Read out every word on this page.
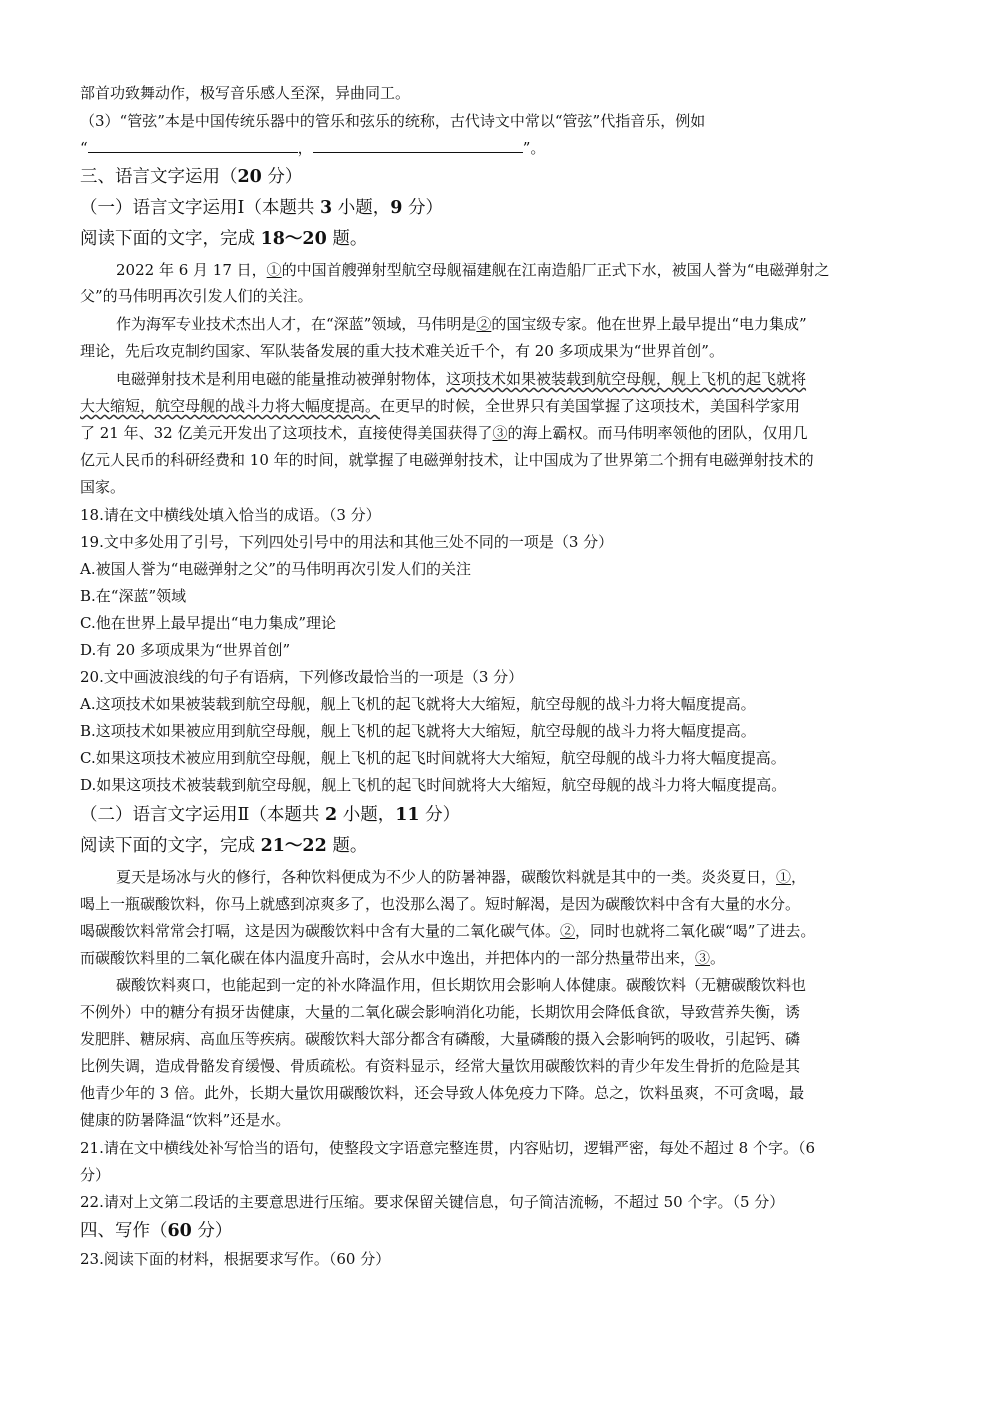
部首功致舞动作，极写音乐感人至深，异曲同工。
（3）“管弦”本是中国传统乐器中的管乐和弦乐的统称，古代诗文中常以“管弦”代指音乐，例如
“	，	”。
三、语言文字运用（20 分）
（一）语言文字运用Ⅰ（本题共 3 小题，9 分）
阅读下面的文字，完成 18～20 题。
2022 年 6 月 17 日，①的中国首艘弹射型航空母舰福建舰在江南造船厂正式下水，被国人誉为“电磁弹射之
父”的马伟明再次引发人们的关注。
作为海军专业技术杰出人才，在“深蓝”领域，马伟明是②的国宝级专家。他在世界上最早提出“电力集成”
理论，先后攻克制约国家、军队装备发展的重大技术难关近千个，有 20 多项成果为“世界首创”。
电磁弹射技术是利用电磁的能量推动被弹射物体，这项技术如果被装载到航空母舰，舰上飞机的起飞就将
大大缩短，航空母舰的战斗力将大幅度提高。在更早的时候，全世界只有美国掌握了这项技术，美国科学家用
了 21 年、32 亿美元开发出了这项技术，直接使得美国获得了③的海上霸权。而马伟明率领他的团队，仅用几
亿元人民币的科研经费和 10 年的时间，就掌握了电磁弹射技术，让中国成为了世界第二个拥有电磁弹射技术的
国家。
18.请在文中横线处填入恰当的成语。（3 分）
19.文中多处用了引号，下列四处引号中的用法和其他三处不同的一项是（3 分）
A.被国人誉为“电磁弹射之父”的马伟明再次引发人们的关注
B.在“深蓝”领域
C.他在世界上最早提出“电力集成”理论
D.有 20 多项成果为“世界首创”
20.文中画波浪线的句子有语病，下列修改最恰当的一项是（3 分）
A.这项技术如果被装载到航空母舰，舰上飞机的起飞就将大大缩短，航空母舰的战斗力将大幅度提高。
B.这项技术如果被应用到航空母舰，舰上飞机的起飞就将大大缩短，航空母舰的战斗力将大幅度提高。
C.如果这项技术被应用到航空母舰，舰上飞机的起飞时间就将大大缩短，航空母舰的战斗力将大幅度提高。
D.如果这项技术被装载到航空母舰，舰上飞机的起飞时间就将大大缩短，航空母舰的战斗力将大幅度提高。
（二）语言文字运用Ⅱ（本题共 2 小题，11 分）
阅读下面的文字，完成 21～22 题。
夏天是场冰与火的修行，各种饮料便成为不少人的防暑神器，碳酸饮料就是其中的一类。炎炎夏日，①，
喝上一瓶碳酸饮料，你马上就感到凉爽多了，也没那么渴了。短时解渴，是因为碳酸饮料中含有大量的水分。
喝碳酸饮料常常会打嗝，这是因为碳酸饮料中含有大量的二氧化碳气体。②，同时也就将二氧化碳“喝”了进去。
而碳酸饮料里的二氧化碳在体内温度升高时，会从水中逸出，并把体内的一部分热量带出来，③。
碳酸饮料爽口，也能起到一定的补水降温作用，但长期饮用会影响人体健康。碳酸饮料（无糖碳酸饮料也
不例外）中的糖分有损牙齿健康，大量的二氧化碳会影响消化功能，长期饮用会降低食欲，导致营养失衡，诱
发肥胖、糖尿病、高血压等疾病。碳酸饮料大部分都含有磷酸，大量磷酸的摄入会影响钙的吸收，引起钙、磷
比例失调，造成骨骼发育缓慢、骨质疏松。有资料显示，经常大量饮用碳酸饮料的青少年发生骨折的危险是其
他青少年的 3 倍。此外，长期大量饮用碳酸饮料，还会导致人体免疫力下降。总之，饮料虽爽，不可贪喝，最
健康的防暑降温“饮料”还是水。
21.请在文中横线处补写恰当的语句，使整段文字语意完整连贯，内容贴切，逻辑严密，每处不超过 8 个字。（6
分）
22.请对上文第二段话的主要意思进行压缩。要求保留关键信息，句子简洁流畅，不超过 50 个字。（5 分）
四、写作（60 分）
23.阅读下面的材料，根据要求写作。（60 分）
